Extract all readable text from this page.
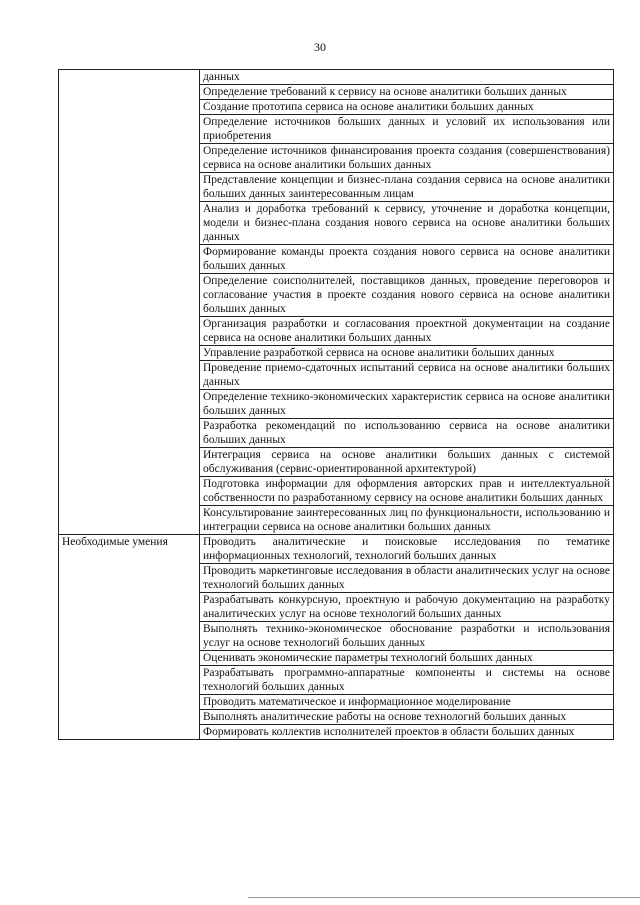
30
	данных
	Определение требований к сервису на основе аналитики больших данных
	Создание прототипа сервиса на основе аналитики больших данных
	Определение источников больших данных и условий их использования или приобретения
	Определение источников финансирования проекта создания (совершенствования) сервиса на основе аналитики больших данных
	Представление концепции и бизнес-плана создания сервиса на основе аналитики больших данных заинтересованным лицам
	Анализ и доработка требований к сервису, уточнение и доработка концепции, модели и бизнес-плана создания нового сервиса на основе аналитики больших данных
	Формирование команды проекта создания нового сервиса на основе аналитики больших данных
	Определение соисполнителей, поставщиков данных, проведение переговоров и согласование участия в проекте создания нового сервиса на основе аналитики больших данных
	Организация разработки и согласования проектной документации на создание сервиса на основе аналитики больших данных
	Управление разработкой сервиса на основе аналитики больших данных
	Проведение приемо-сдаточных испытаний сервиса на основе аналитики больших данных
	Определение технико-экономических характеристик сервиса на основе аналитики больших данных
	Разработка рекомендаций по использованию сервиса на основе аналитики больших данных
	Интеграция сервиса на основе аналитики больших данных с системой обслуживания (сервис-ориентированной архитектурой)
	Подготовка информации для оформления авторских прав и интеллектуальной собственности по разработанному сервису на основе аналитики больших данных
	Консультирование заинтересованных лиц по функциональности, использованию и интеграции сервиса на основе аналитики больших данных
Необходимые умения	Проводить аналитические и поисковые исследования по тематике информационных технологий, технологий больших данных
	Проводить маркетинговые исследования в области аналитических услуг на основе технологий больших данных
	Разрабатывать конкурсную, проектную и рабочую документацию на разработку аналитических услуг на основе технологий больших данных
	Выполнять технико-экономическое обоснование разработки и использования услуг на основе технологий больших данных
	Оценивать экономические параметры технологий больших данных
	Разрабатывать программно-аппаратные компоненты и системы на основе технологий больших данных
	Проводить математическое и информационное моделирование
	Выполнять аналитические работы на основе технологий больших данных
	Формировать коллектив исполнителей проектов в области больших данных
